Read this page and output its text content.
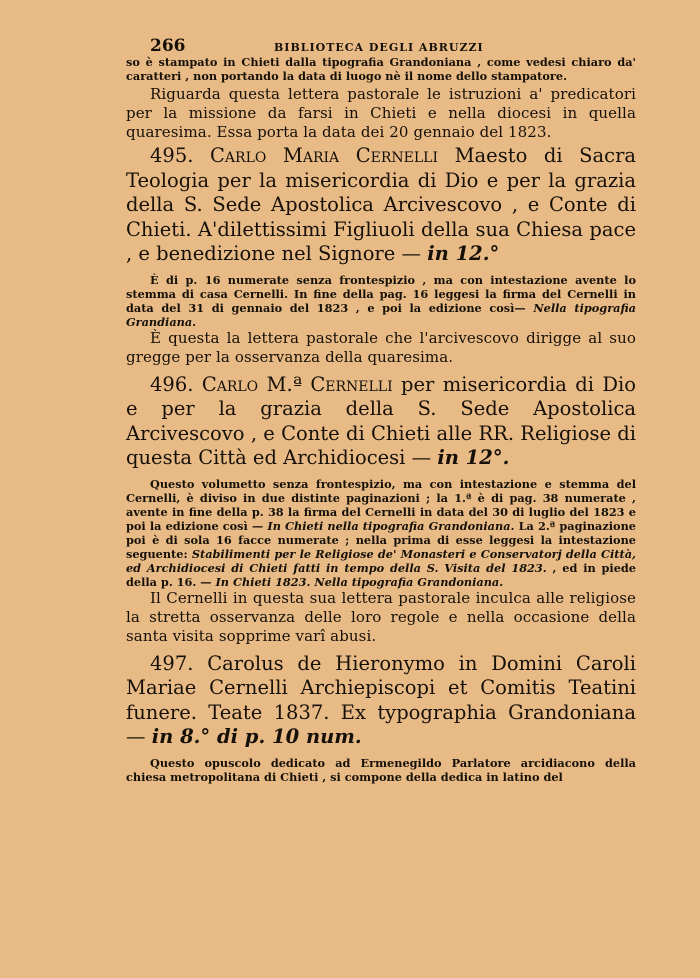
266	BIBLIOTECA DEGLI ABRUZZI

so è stampato in Chieti dalla tipografia Grandoniana , come vedesi chiaro da' caratteri , non portando la data di luogo nè il nome dello stampatore.

Riguarda questa lettera pastorale le istruzioni a' predicatori per la missione da farsi in Chieti e nella diocesi in quella quaresima. Essa porta la data dei 20 gennaio del 1823.

495. Carlo Maria Cernelli Maesto di Sacra Teologia per la misericordia di Dio e per la grazia della S. Sede Apostolica Arcivescovo , e Conte di Chieti. A'dilettissimi Figliuoli della sua Chiesa pace , e benedizione nel Signore — in 12.°

È di p. 16 numerate senza frontespizio , ma con intestazione avente lo stemma di casa Cernelli. In fine della pag. 16 leggesi la firma del Cernelli in data del 31 di gennaio del 1823 , e poi la edizione così— Nella tipografia Grandiana.

È questa la lettera pastorale che l'arcivescovo dirigge al suo gregge per la osservanza della quaresima.

496. Carlo M.ª Cernelli per misericordia di Dio e per la grazia della S. Sede Apostolica Arcivescovo , e Conte di Chieti alle RR. Religiose di questa Città ed Archidiocesi — in 12°.

Questo volumetto senza frontespizio, ma con intestazione e stemma del Cernelli, è diviso in due distinte paginazioni ; la 1.ª è di pag. 38 numerate , avente in fine della p. 38 la firma del Cernelli in data del 30 di luglio del 1823 e poi la edizione così — In Chieti nella tipografia Grandoniana. La 2.ª paginazione poi è di sola 16 facce numerate ; nella prima di esse leggesi la intestazione seguente: Stabilimenti per le Religiose de' Monasteri e Conservatorj della Città, ed Archidiocesi di Chieti fatti in tempo della S. Visita del 1823. , ed in piede della p. 16. — In Chieti 1823. Nella tipografia Grandoniana.

Il Cernelli in questa sua lettera pastorale inculca alle religiose la stretta osservanza delle loro regole e nella occasione della santa visita sopprime varî abusi.

497. Carolus de Hieronymo in Domini Caroli Mariae Cernelli Archiepiscopi et Comitis Teatini funere. Teate 1837. Ex typographia Grandoniana — in 8.° di p. 10 num.

Questo opuscolo dedicato ad Ermenegildo Parlatore arcidiacono della chiesa metropolitana di Chieti , si compone della dedica in latino del
